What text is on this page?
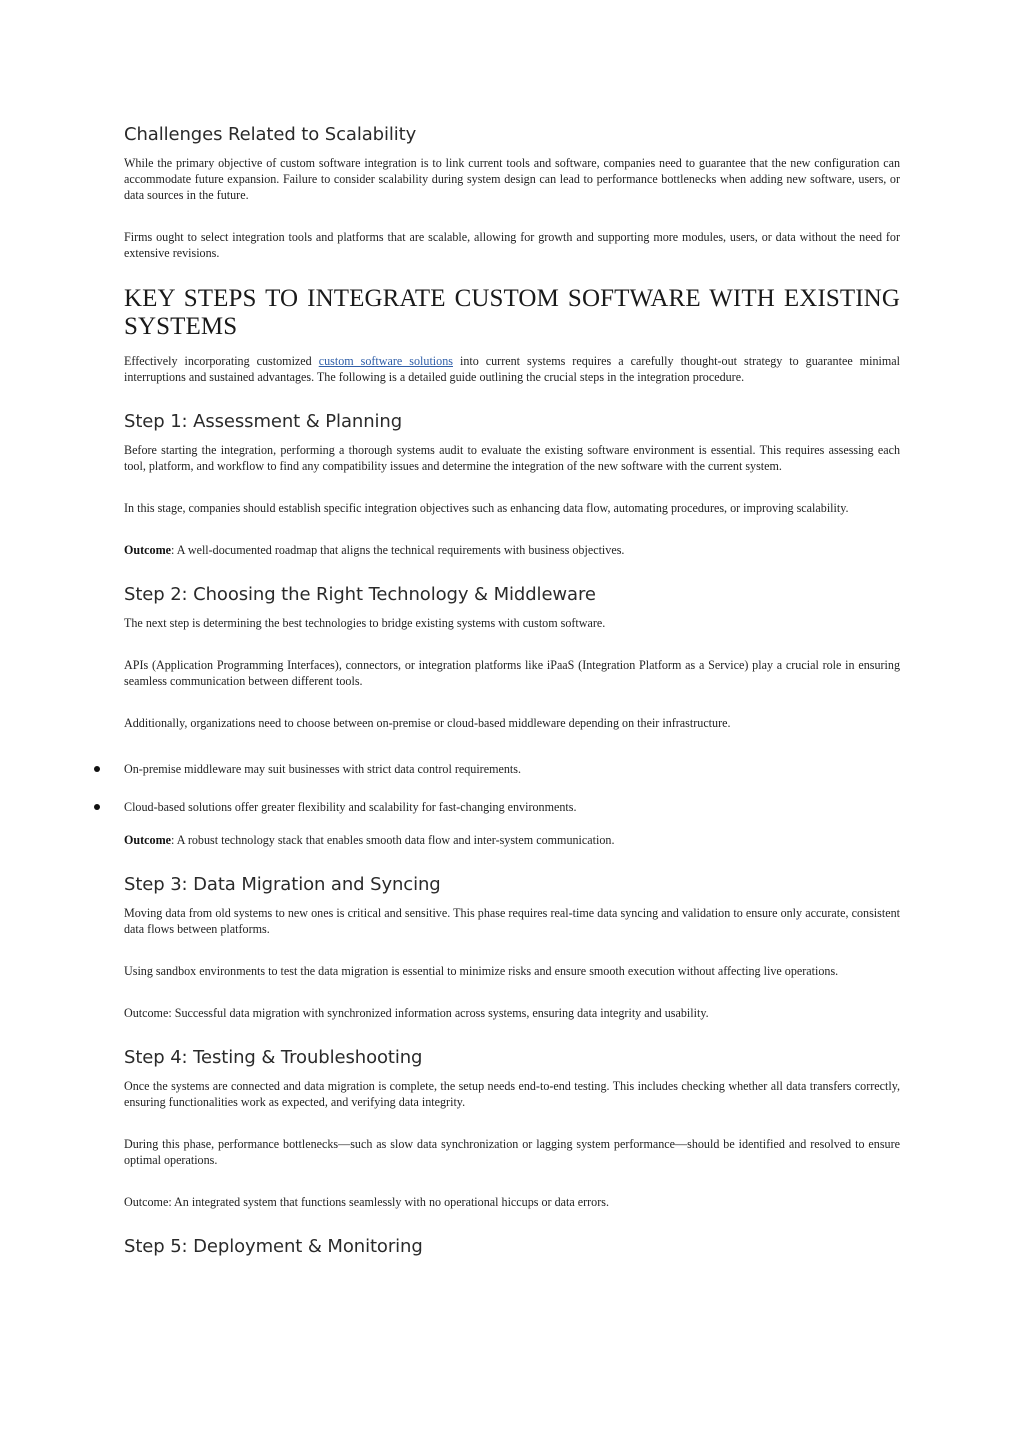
Challenges Related to Scalability

While the primary objective of custom software integration is to link current tools and software, companies need to guarantee that the new configuration can accommodate future expansion. Failure to consider scalability during system design can lead to performance bottlenecks when adding new software, users, or data sources in the future.

Firms ought to select integration tools and platforms that are scalable, allowing for growth and supporting more modules, users, or data without the need for extensive revisions.

KEY STEPS TO INTEGRATE CUSTOM SOFTWARE WITH EXISTING SYSTEMS

Effectively incorporating customized custom software solutions into current systems requires a carefully thought-out strategy to guarantee minimal interruptions and sustained advantages. The following is a detailed guide outlining the crucial steps in the integration procedure.

Step 1: Assessment & Planning

Before starting the integration, performing a thorough systems audit to evaluate the existing software environment is essential. This requires assessing each tool, platform, and workflow to find any compatibility issues and determine the integration of the new software with the current system.

In this stage, companies should establish specific integration objectives such as enhancing data flow, automating procedures, or improving scalability.

Outcome: A well-documented roadmap that aligns the technical requirements with business objectives.

Step 2: Choosing the Right Technology & Middleware

The next step is determining the best technologies to bridge existing systems with custom software.

APIs (Application Programming Interfaces), connectors, or integration platforms like iPaaS (Integration Platform as a Service) play a crucial role in ensuring seamless communication between different tools.

Additionally, organizations need to choose between on-premise or cloud-based middleware depending on their infrastructure.

On-premise middleware may suit businesses with strict data control requirements.

Cloud-based solutions offer greater flexibility and scalability for fast-changing environments.

Outcome: A robust technology stack that enables smooth data flow and inter-system communication.

Step 3: Data Migration and Syncing

Moving data from old systems to new ones is critical and sensitive. This phase requires real-time data syncing and validation to ensure only accurate, consistent data flows between platforms.

Using sandbox environments to test the data migration is essential to minimize risks and ensure smooth execution without affecting live operations.

Outcome: Successful data migration with synchronized information across systems, ensuring data integrity and usability.

Step 4: Testing & Troubleshooting

Once the systems are connected and data migration is complete, the setup needs end-to-end testing. This includes checking whether all data transfers correctly, ensuring functionalities work as expected, and verifying data integrity.

During this phase, performance bottlenecks—such as slow data synchronization or lagging system performance—should be identified and resolved to ensure optimal operations.

Outcome: An integrated system that functions seamlessly with no operational hiccups or data errors.

Step 5: Deployment & Monitoring
